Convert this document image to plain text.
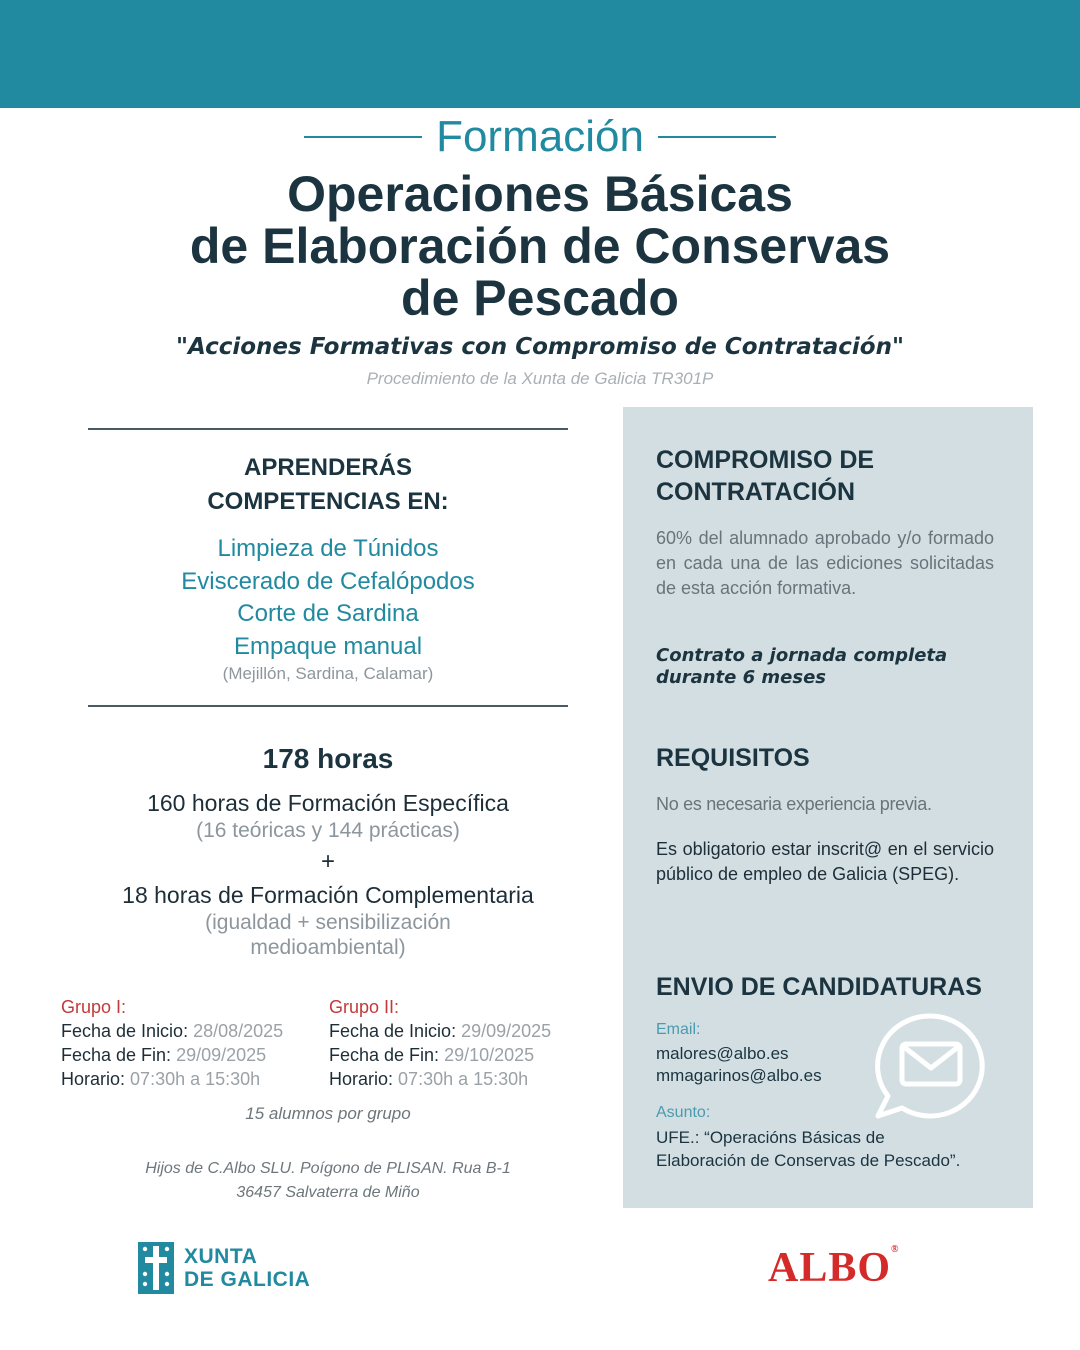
Formación
Operaciones Básicas
de Elaboración de Conservas
de Pescado
"Acciones Formativas con Compromiso de Contratación"
Procedimiento de la Xunta de Galicia TR301P
APRENDERÁS
COMPETENCIAS EN:
Limpieza de Túnidos
Eviscerado de Cefalópodos
Corte de Sardina
Empaque manual
(Mejillón, Sardina, Calamar)
178 horas
160 horas de Formación Específica
(16 teóricas y 144 prácticas)
+
18 horas de Formación Complementaria
(igualdad + sensibilización
medioambiental)
Grupo I:
Fecha de Inicio: 28/08/2025
Fecha de Fin: 29/09/2025
Horario: 07:30h a 15:30h
Grupo II:
Fecha de Inicio: 29/09/2025
Fecha de Fin: 29/10/2025
Horario: 07:30h a 15:30h
15 alumnos por grupo
Hijos de C.Albo SLU. Poígono de PLISAN. Rua B-1
36457 Salvaterra de Miño
COMPROMISO DE
CONTRATACIÓN
60% del alumnado aprobado y/o formado en cada una de las ediciones solicitadas de esta acción formativa.
Contrato a jornada completa
durante 6 meses
REQUISITOS
No es necesaria experiencia previa.
Es obligatorio estar inscrit@ en el servicio público de empleo de Galicia (SPEG).
ENVIO DE CANDIDATURAS
Email:
malores@albo.es
mmagarinos@albo.es
Asunto:
UFE.: “Operacións Básicas de
Elaboración de Conservas de Pescado”.
XUNTA
DE GALICIA	ALBO®
